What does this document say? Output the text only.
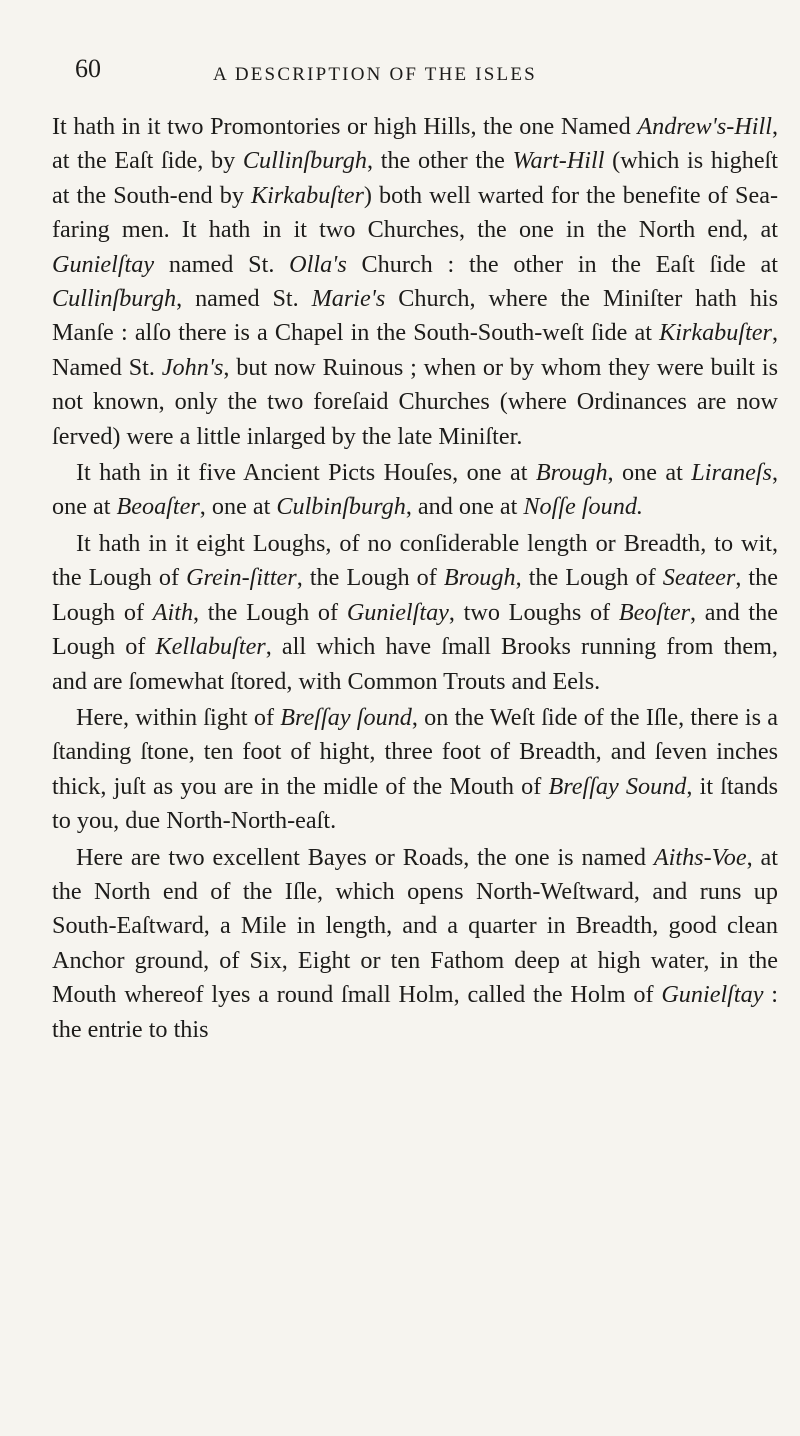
60	A DESCRIPTION OF THE ISLES

It hath in it two Promontories or high Hills, the one Named Andrew's-Hill, at the Eaſt ſide, by Cullinſburgh, the other the Wart-Hill (which is higheſt at the South-end by Kirkabuſter) both well warted for the benefite of Sea-faring men. It hath in it two Churches, the one in the North end, at Gunielſtay named St. Olla's Church : the other in the Eaſt ſide at Cullinſburgh, named St. Marie's Church, where the Miniſter hath his Manſe : alſo there is a Chapel in the South-South-weſt ſide at Kirkabuſter, Named St. John's, but now Ruinous ; when or by whom they were built is not known, only the two foreſaid Churches (where Ordinances are now ſerved) were a little inlarged by the late Miniſter.

It hath in it five Ancient Picts Houſes, one at Brough, one at Liraneſs, one at Beoaſter, one at Culbinſburgh, and one at Noſſe ſound.

It hath in it eight Loughs, of no conſiderable length or Breadth, to wit, the Lough of Grein-ſitter, the Lough of Brough, the Lough of Seateer, the Lough of Aith, the Lough of Gunielſtay, two Loughs of Beoſter, and the Lough of Kellabuſter, all which have ſmall Brooks running from them, and are ſomewhat ſtored, with Common Trouts and Eels.

Here, within ſight of Breſſay ſound, on the Weſt ſide of the Iſle, there is a ſtanding ſtone, ten foot of hight, three foot of Breadth, and ſeven inches thick, juſt as you are in the midle of the Mouth of Breſſay Sound, it ſtands to you, due North-North-eaſt.

Here are two excellent Bayes or Roads, the one is named Aiths-Voe, at the North end of the Iſle, which opens North-Weſtward, and runs up South-Eaſtward, a Mile in length, and a quarter in Breadth, good clean Anchor ground, of Six, Eight or ten Fathom deep at high water, in the Mouth whereof lyes a round ſmall Holm, called the Holm of Gunielſtay : the entrie to this
